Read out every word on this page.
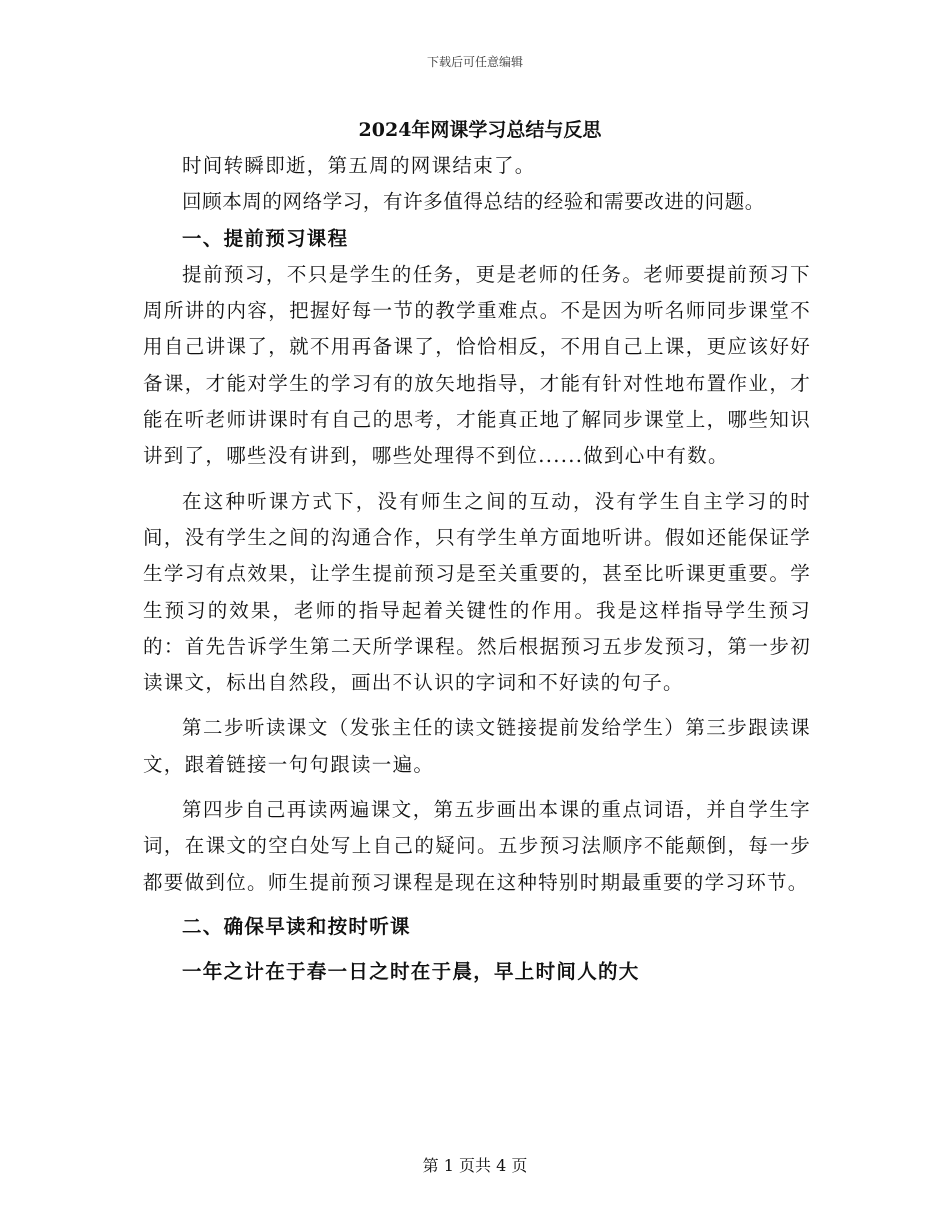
下载后可任意编辑
2024年网课学习总结与反思

时间转瞬即逝，第五周的网课结束了。

回顾本周的网络学习，有许多值得总结的经验和需要改进的问题。

一、提前预习课程

提前预习，不只是学生的任务，更是老师的任务。老师要提前预习下周所讲的内容，把握好每一节的教学重难点。不是因为听名师同步课堂不用自己讲课了，就不用再备课了，恰恰相反，不用自己上课，更应该好好备课，才能对学生的学习有的放矢地指导，才能有针对性地布置作业，才能在听老师讲课时有自己的思考，才能真正地了解同步课堂上，哪些知识讲到了，哪些没有讲到，哪些处理得不到位......做到心中有数。

在这种听课方式下，没有师生之间的互动，没有学生自主学习的时间，没有学生之间的沟通合作，只有学生单方面地听讲。假如还能保证学生学习有点效果，让学生提前预习是至关重要的，甚至比听课更重要。学生预习的效果，老师的指导起着关键性的作用。我是这样指导学生预习的：首先告诉学生第二天所学课程。然后根据预习五步发预习，第一步初读课文，标出自然段，画出不认识的字词和不好读的句子。

第二步听读课文（发张主任的读文链接提前发给学生）第三步跟读课文，跟着链接一句句跟读一遍。

第四步自己再读两遍课文，第五步画出本课的重点词语，并自学生字词，在课文的空白处写上自己的疑问。五步预习法顺序不能颠倒，每一步都要做到位。师生提前预习课程是现在这种特别时期最重要的学习环节。

二、确保早读和按时听课

一年之计在于春一日之时在于晨，早上时间人的大

第 1 页共 4 页
